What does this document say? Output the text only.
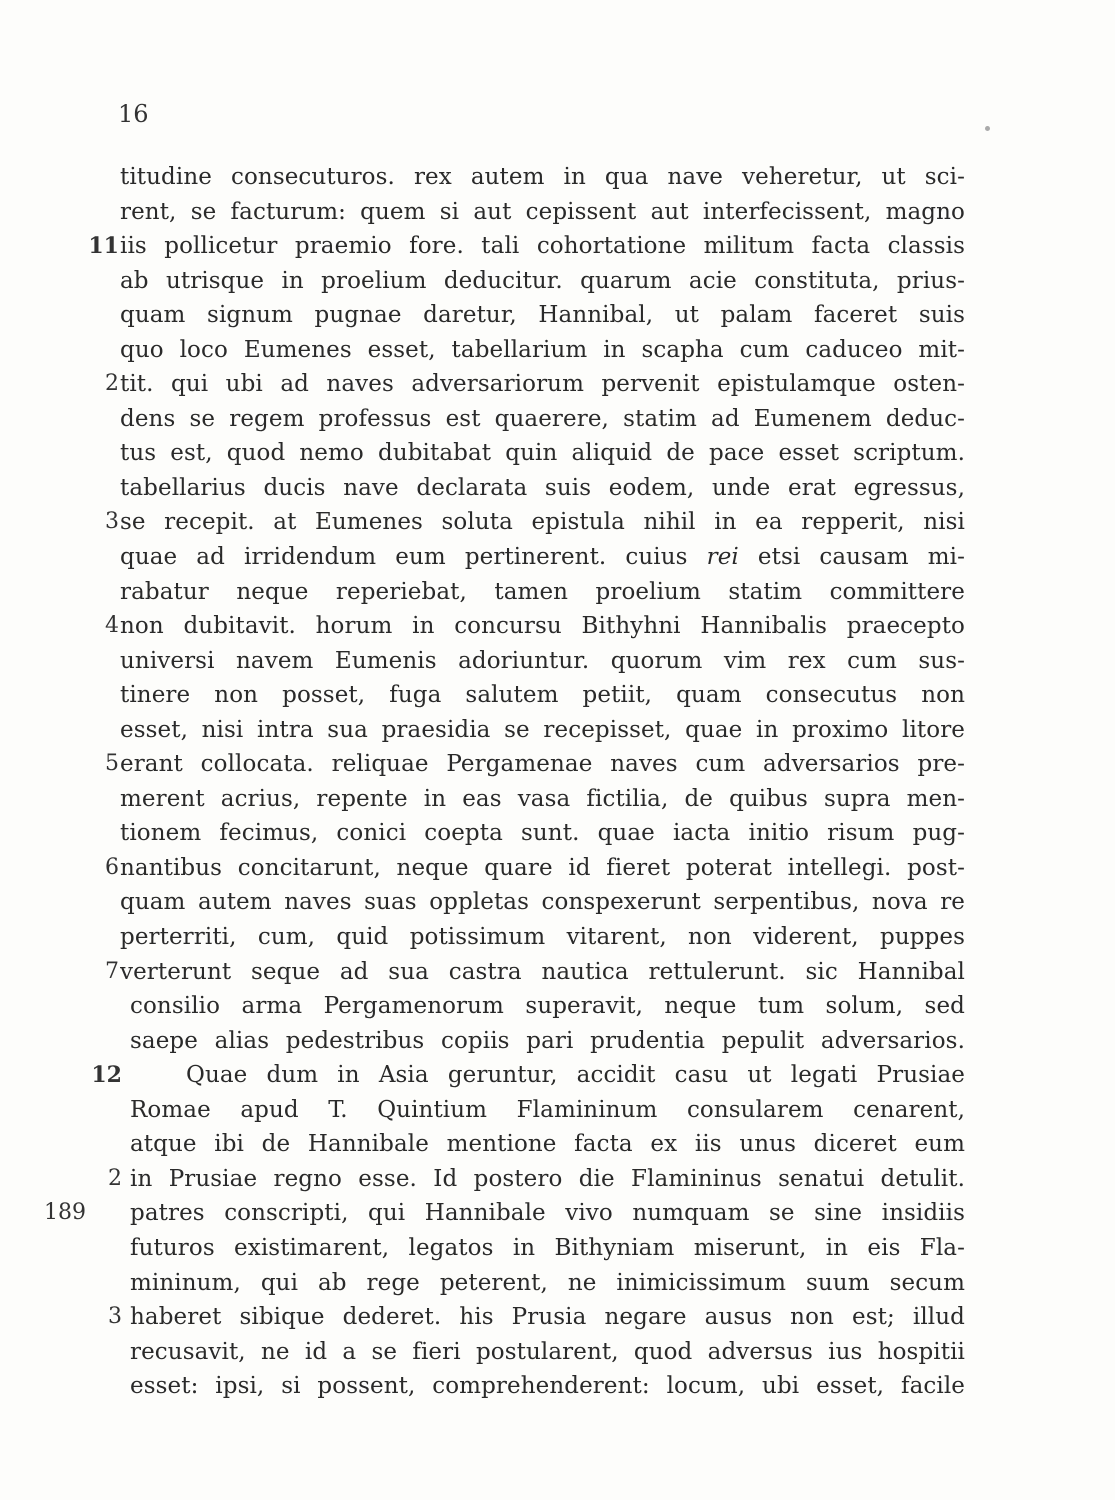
16
titudine consecuturos. rex autem in qua nave veheretur, ut sci-
rent, se facturum: quem si aut cepissent aut interfecissent, magno
11 iis pollicetur praemio fore. tali cohortatione militum facta classis
ab utrisque in proelium deducitur. quarum acie constituta, prius-
quam signum pugnae daretur, Hannibal, ut palam faceret suis
quo loco Eumenes esset, tabellarium in scapha cum caduceo mit-
2 tit. qui ubi ad naves adversariorum pervenit epistulamque osten-
dens se regem professus est quaerere, statim ad Eumenem deduc-
tus est, quod nemo dubitabat quin aliquid de pace esset scriptum.
tabellarius ducis nave declarata suis eodem, unde erat egressus,
3 se recepit. at Eumenes soluta epistula nihil in ea repperit, nisi
quae ad irridendum eum pertinerent. cuius rei etsi causam mi-
rabatur neque reperiebat, tamen proelium statim committere
4 non dubitavit. horum in concursu Bithyhni Hannibalis praecepto
universi navem Eumenis adoriuntur. quorum vim rex cum sus-
tinere non posset, fuga salutem petiit, quam consecutus non
esset, nisi intra sua praesidia se recepisset, quae in proximo litore
5 erant collocata. reliquae Pergamenae naves cum adversarios pre-
merent acrius, repente in eas vasa fictilia, de quibus supra men-
tionem fecimus, conici coepta sunt. quae iacta initio risum pug-
6 nantibus concitarunt, neque quare id fieret poterat intellegi. post-
quam autem naves suas oppletas conspexerunt serpentibus, nova re
perterriti, cum, quid potissimum vitarent, non viderent, puppes
7 verterunt seque ad sua castra nautica rettulerunt. sic Hannibal
consilio arma Pergamenorum superavit, neque tum solum, sed
saepe alias pedestribus copiis pari prudentia pepulit adversarios.
12	Quae dum in Asia geruntur, accidit casu ut legati Prusiae
Romae apud T. Quintium Flamininum consularem cenarent,
atque ibi de Hannibale mentione facta ex iis unus diceret eum
2 in Prusiae regno esse. Id postero die Flamininus senatui detulit.
189	patres conscripti, qui Hannibale vivo numquam se sine insidiis
futuros existimarent, legatos in Bithyniam miserunt, in eis Fla-
mininum, qui ab rege peterent, ne inimicissimum suum secum
3 haberet sibique dederet. his Prusia negare ausus non est; illud
recusavit, ne id a se fieri postularent, quod adversus ius hospitii
esset: ipsi, si possent, comprehenderent: locum, ubi esset, facile
